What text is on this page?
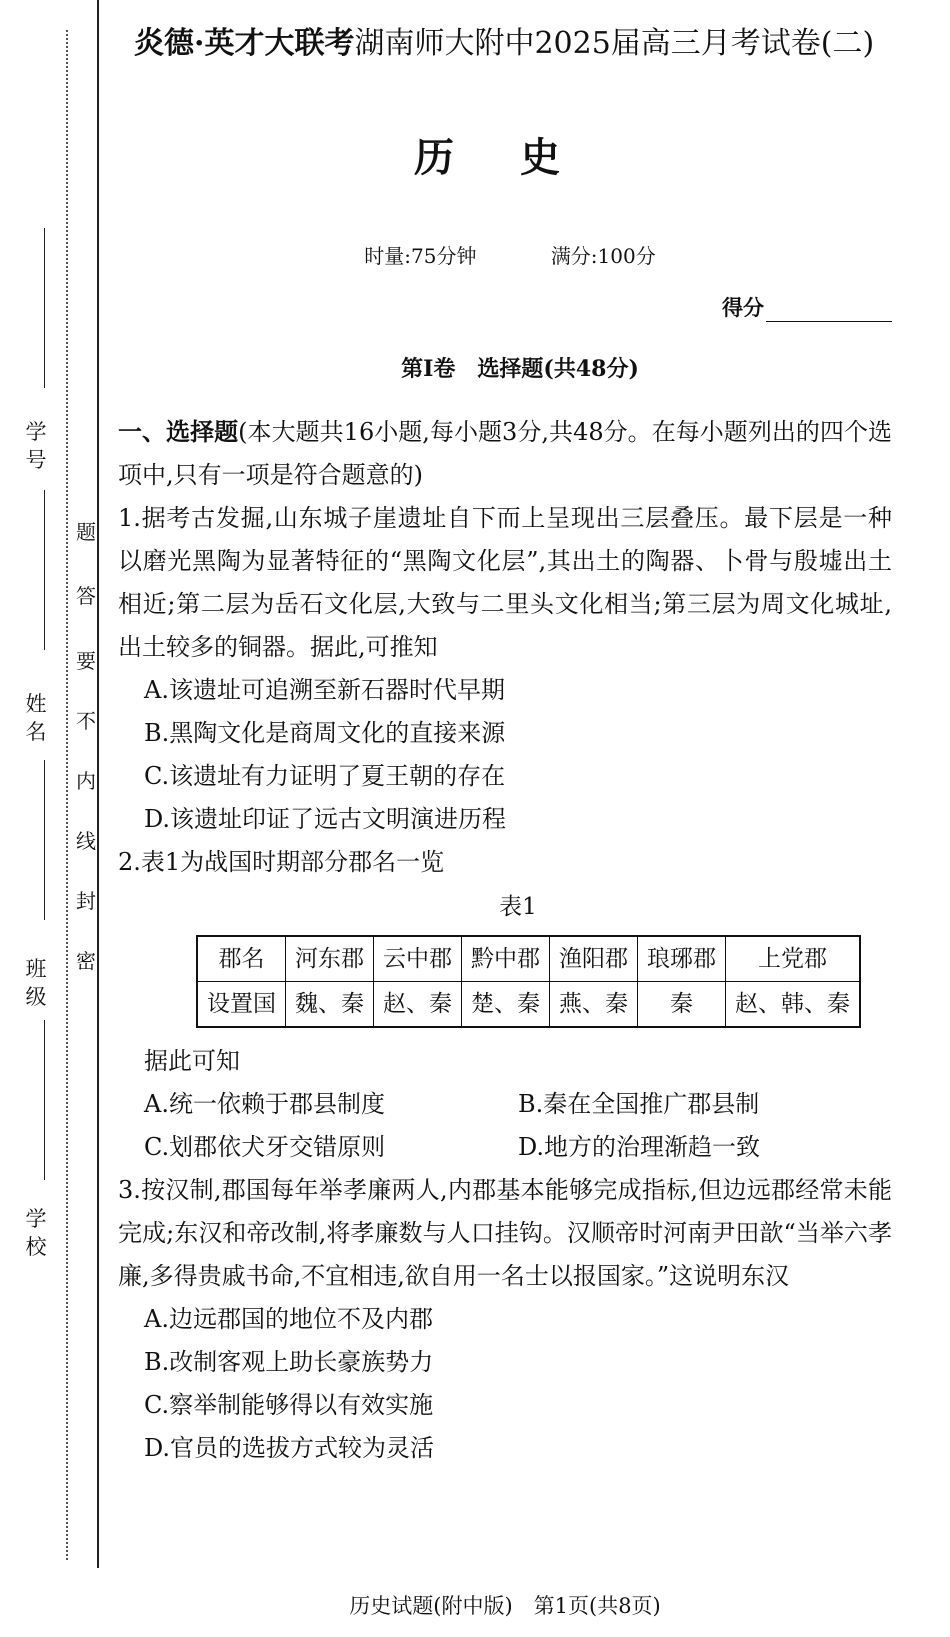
学号
姓名
班级
学校
题
答
要
不
内
线
封
密
炎德·英才大联考湖南师大附中2025届高三月考试卷(二)
历史
时量:75分钟	满分:100分
得分
第Ⅰ卷　选择题(共48分)
一、选择题(本大题共16小题,每小题3分,共48分。在每小题列出的四个选项中,只有一项是符合题意的)
1.据考古发掘,山东城子崖遗址自下而上呈现出三层叠压。最下层是一种以磨光黑陶为显著特征的“黑陶文化层”,其出土的陶器、卜骨与殷墟出土相近;第二层为岳石文化层,大致与二里头文化相当;第三层为周文化城址,出土较多的铜器。据此,可推知
A.该遗址可追溯至新石器时代早期
B.黑陶文化是商周文化的直接来源
C.该遗址有力证明了夏王朝的存在
D.该遗址印证了远古文明演进历程
2.表1为战国时期部分郡名一览
表1
郡名	河东郡	云中郡	黔中郡	渔阳郡	琅琊郡	上党郡
设置国	魏、秦	赵、秦	楚、秦	燕、秦	秦	赵、韩、秦
据此可知
A.统一依赖于郡县制度	B.秦在全国推广郡县制
C.划郡依犬牙交错原则	D.地方的治理渐趋一致
3.按汉制,郡国每年举孝廉两人,内郡基本能够完成指标,但边远郡经常未能完成;东汉和帝改制,将孝廉数与人口挂钩。汉顺帝时河南尹田歆“当举六孝廉,多得贵戚书命,不宜相违,欲自用一名士以报国家。”这说明东汉
A.边远郡国的地位不及内郡
B.改制客观上助长豪族势力
C.察举制能够得以有效实施
D.官员的选拔方式较为灵活
历史试题(附中版)　第1页(共8页)
